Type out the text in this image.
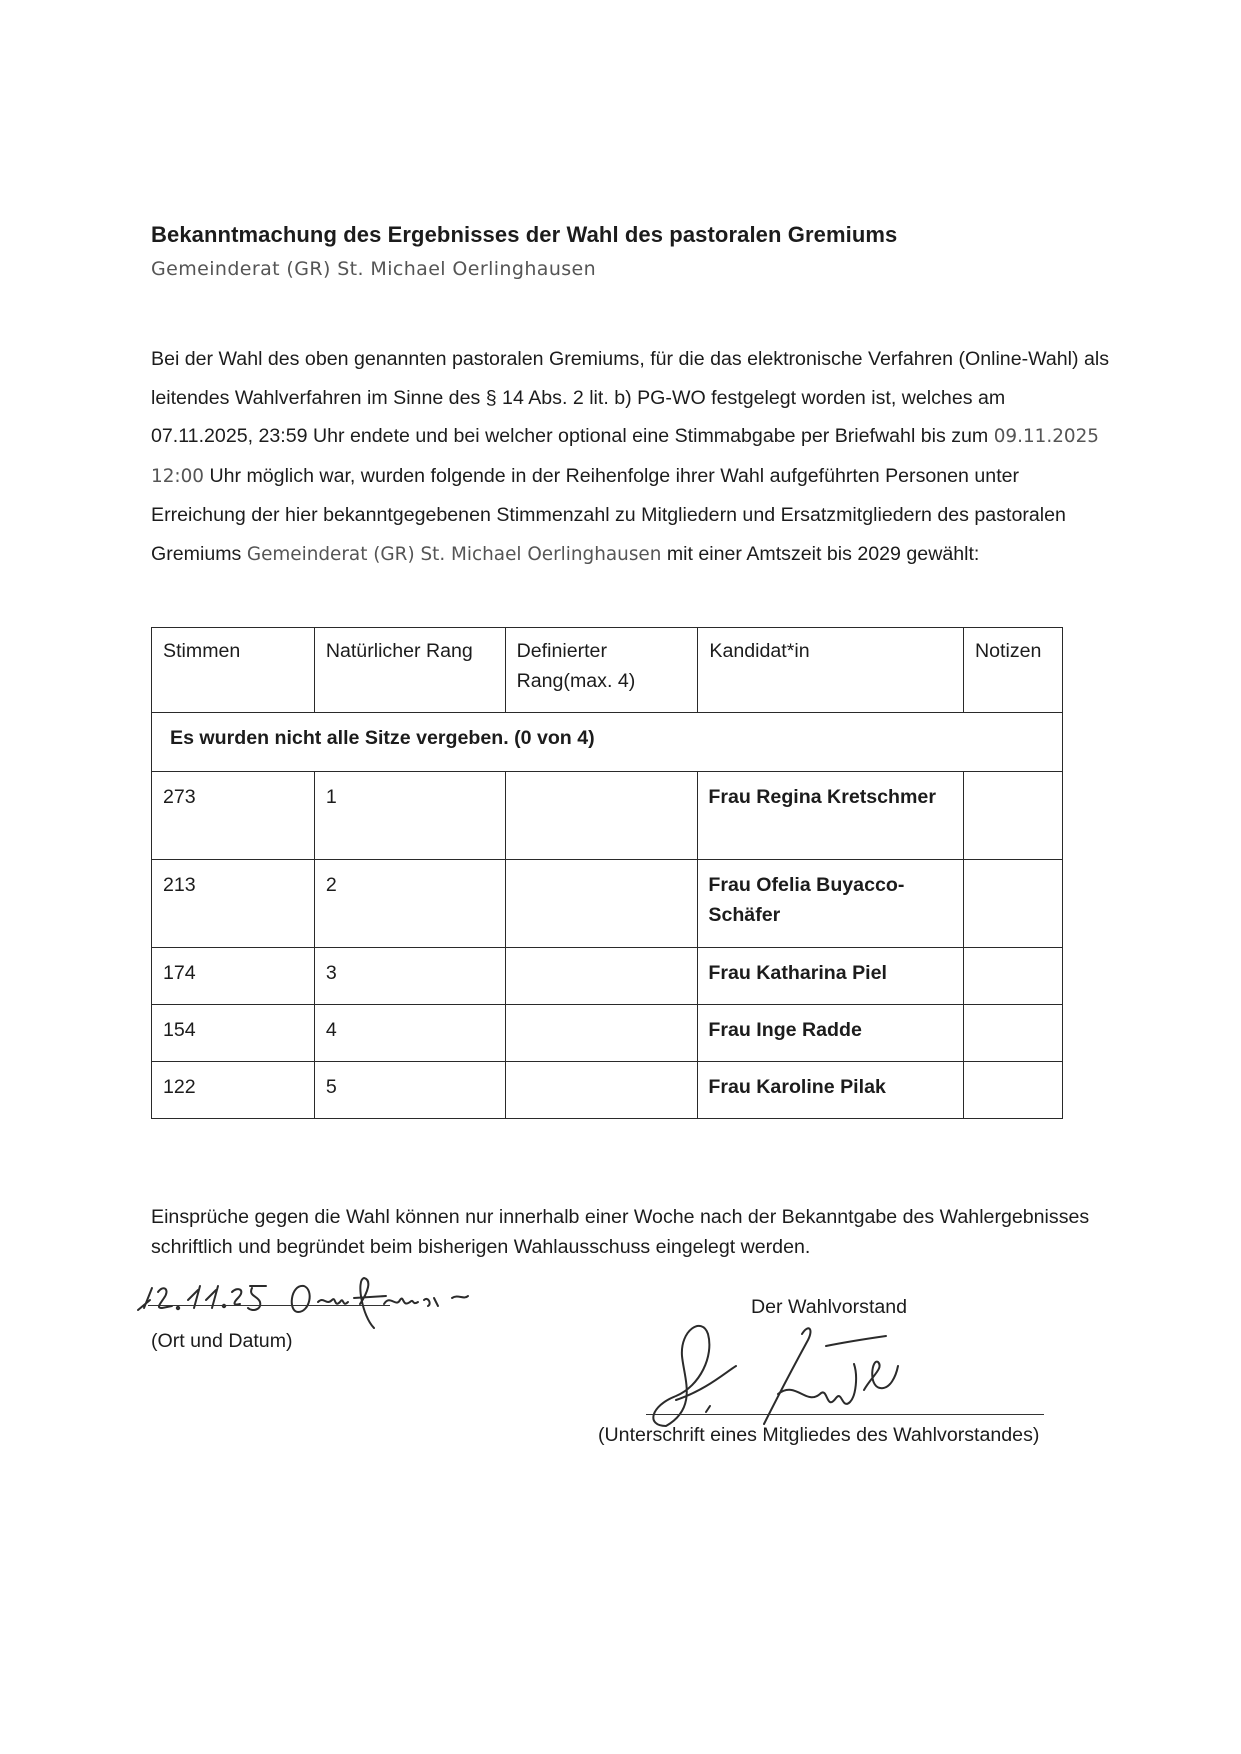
Bekanntmachung des Ergebnisses der Wahl des pastoralen Gremiums
Gemeinderat (GR) St. Michael Oerlinghausen
Bei der Wahl des oben genannten pastoralen Gremiums, für die das elektronische Verfahren (Online-Wahl) als leitendes Wahlverfahren im Sinne des § 14 Abs. 2 lit. b) PG-WO festgelegt worden ist, welches am 07.11.2025, 23:59 Uhr endete und bei welcher optional eine Stimmabgabe per Briefwahl bis zum 09.11.2025 12:00 Uhr möglich war, wurden folgende in der Reihenfolge ihrer Wahl aufgeführten Personen unter Erreichung der hier bekanntgegebenen Stimmenzahl zu Mitgliedern und Ersatzmitgliedern des pastoralen Gremiums Gemeinderat (GR) St. Michael Oerlinghausen mit einer Amtszeit bis 2029 gewählt:
Stimmen	Natürlicher Rang	Definierter Rang(max. 4)	Kandidat*in	Notizen
Es wurden nicht alle Sitze vergeben. (0 von 4)				
273	1		Frau Regina Kretschmer	
213	2		Frau Ofelia Buyacco-Schäfer	
174	3		Frau Katharina Piel	
154	4		Frau Inge Radde	
122	5		Frau Karoline Pilak	
Einsprüche gegen die Wahl können nur innerhalb einer Woche nach der Bekanntgabe des Wahlergebnisses schriftlich und begründet beim bisherigen Wahlausschuss eingelegt werden.
(Ort und Datum)
Der Wahlvorstand
(Unterschrift eines Mitgliedes des Wahlvorstandes)
